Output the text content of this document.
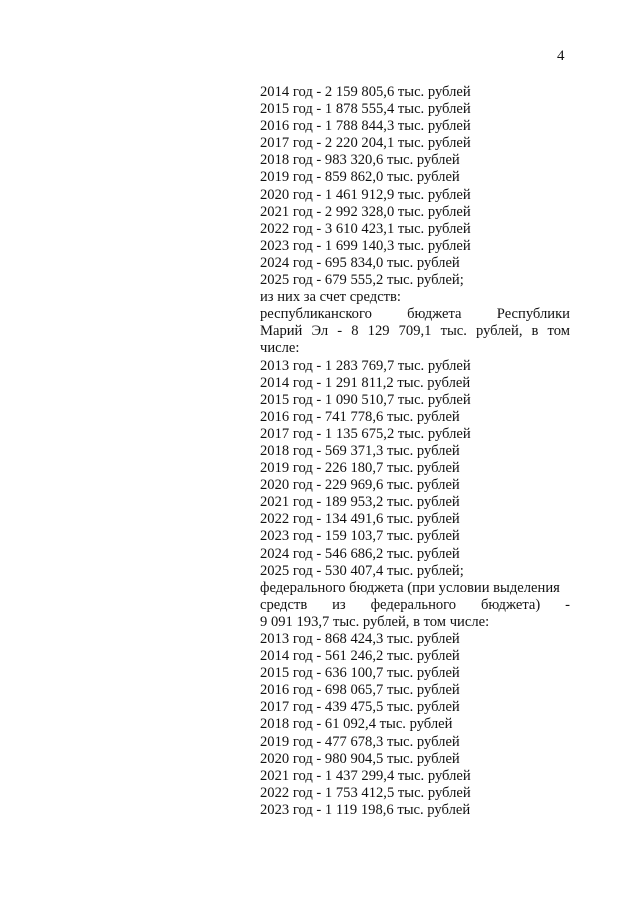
4
2014 год - 2 159 805,6 тыс. рублей
2015 год - 1 878 555,4 тыс. рублей
2016 год - 1 788 844,3 тыс. рублей
2017 год - 2 220 204,1 тыс. рублей
2018 год - 983 320,6 тыс. рублей
2019 год - 859 862,0 тыс. рублей
2020 год - 1 461 912,9 тыс. рублей
2021 год - 2 992 328,0 тыс. рублей
2022 год - 3 610 423,1 тыс. рублей
2023 год - 1 699 140,3 тыс. рублей
2024 год - 695 834,0 тыс. рублей
2025 год - 679 555,2 тыс. рублей;
из них за счет средств:
республиканского бюджета Республики
Марий Эл - 8 129 709,1 тыс. рублей, в том
числе:
2013 год - 1 283 769,7 тыс. рублей
2014 год - 1 291 811,2 тыс. рублей
2015 год - 1 090 510,7 тыс. рублей
2016 год - 741 778,6 тыс. рублей
2017 год - 1 135 675,2 тыс. рублей
2018 год - 569 371,3 тыс. рублей
2019 год - 226 180,7 тыс. рублей
2020 год - 229 969,6 тыс. рублей
2021 год - 189 953,2 тыс. рублей
2022 год - 134 491,6 тыс. рублей
2023 год - 159 103,7 тыс. рублей
2024 год - 546 686,2 тыс. рублей
2025 год - 530 407,4 тыс. рублей;
федерального бюджета (при условии выделения
средств из федерального бюджета) -
9 091 193,7 тыс. рублей, в том числе:
2013 год - 868 424,3 тыс. рублей
2014 год - 561 246,2 тыс. рублей
2015 год - 636 100,7 тыс. рублей
2016 год - 698 065,7 тыс. рублей
2017 год - 439 475,5 тыс. рублей
2018 год - 61 092,4 тыс. рублей
2019 год - 477 678,3 тыс. рублей
2020 год - 980 904,5 тыс. рублей
2021 год - 1 437 299,4 тыс. рублей
2022 год - 1 753 412,5 тыс. рублей
2023 год - 1 119 198,6 тыс. рублей
